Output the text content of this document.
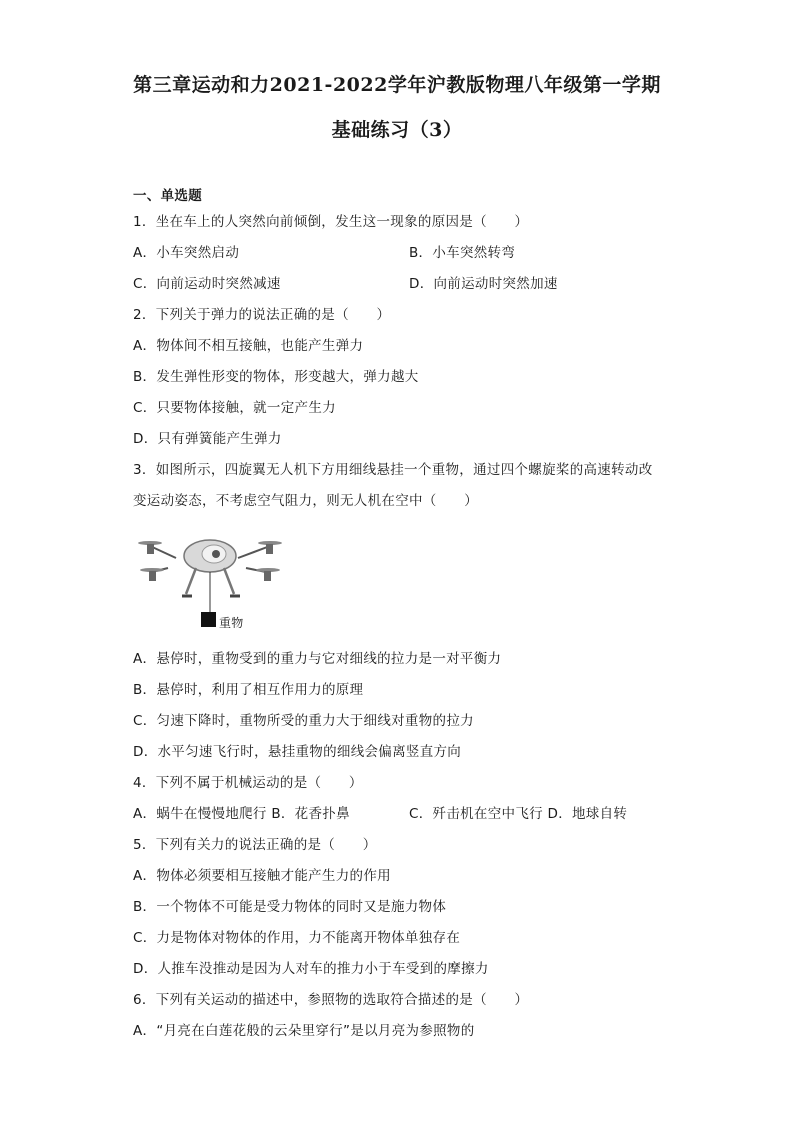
第三章运动和力2021-2022学年沪教版物理八年级第一学期
基础练习（3）
一、单选题
1．坐在车上的人突然向前倾倒，发生这一现象的原因是（　　）
A．小车突然启动	B．小车突然转弯
C．向前运动时突然减速	D．向前运动时突然加速
2．下列关于弹力的说法正确的是（　　）
A．物体间不相互接触，也能产生弹力
B．发生弹性形变的物体，形变越大，弹力越大
C．只要物体接触，就一定产生力
D．只有弹簧能产生弹力
3．如图所示，四旋翼无人机下方用细线悬挂一个重物，通过四个螺旋桨的高速转动改
变运动姿态，不考虑空气阻力，则无人机在空中（　　）
重物
A．悬停时，重物受到的重力与它对细线的拉力是一对平衡力
B．悬停时，利用了相互作用力的原理
C．匀速下降时，重物所受的重力大于细线对重物的拉力
D．水平匀速飞行时，悬挂重物的细线会偏离竖直方向
4．下列不属于机械运动的是（　　）
A．蜗牛在慢慢地爬行 B．花香扑鼻	C．歼击机在空中飞行 D．地球自转
5．下列有关力的说法正确的是（　　）
A．物体必须要相互接触才能产生力的作用
B．一个物体不可能是受力物体的同时又是施力物体
C．力是物体对物体的作用，力不能离开物体单独存在
D．人推车没推动是因为人对车的推力小于车受到的摩擦力
6．下列有关运动的描述中，参照物的选取符合描述的是（　　）
A．“月亮在白莲花般的云朵里穿行”是以月亮为参照物的
